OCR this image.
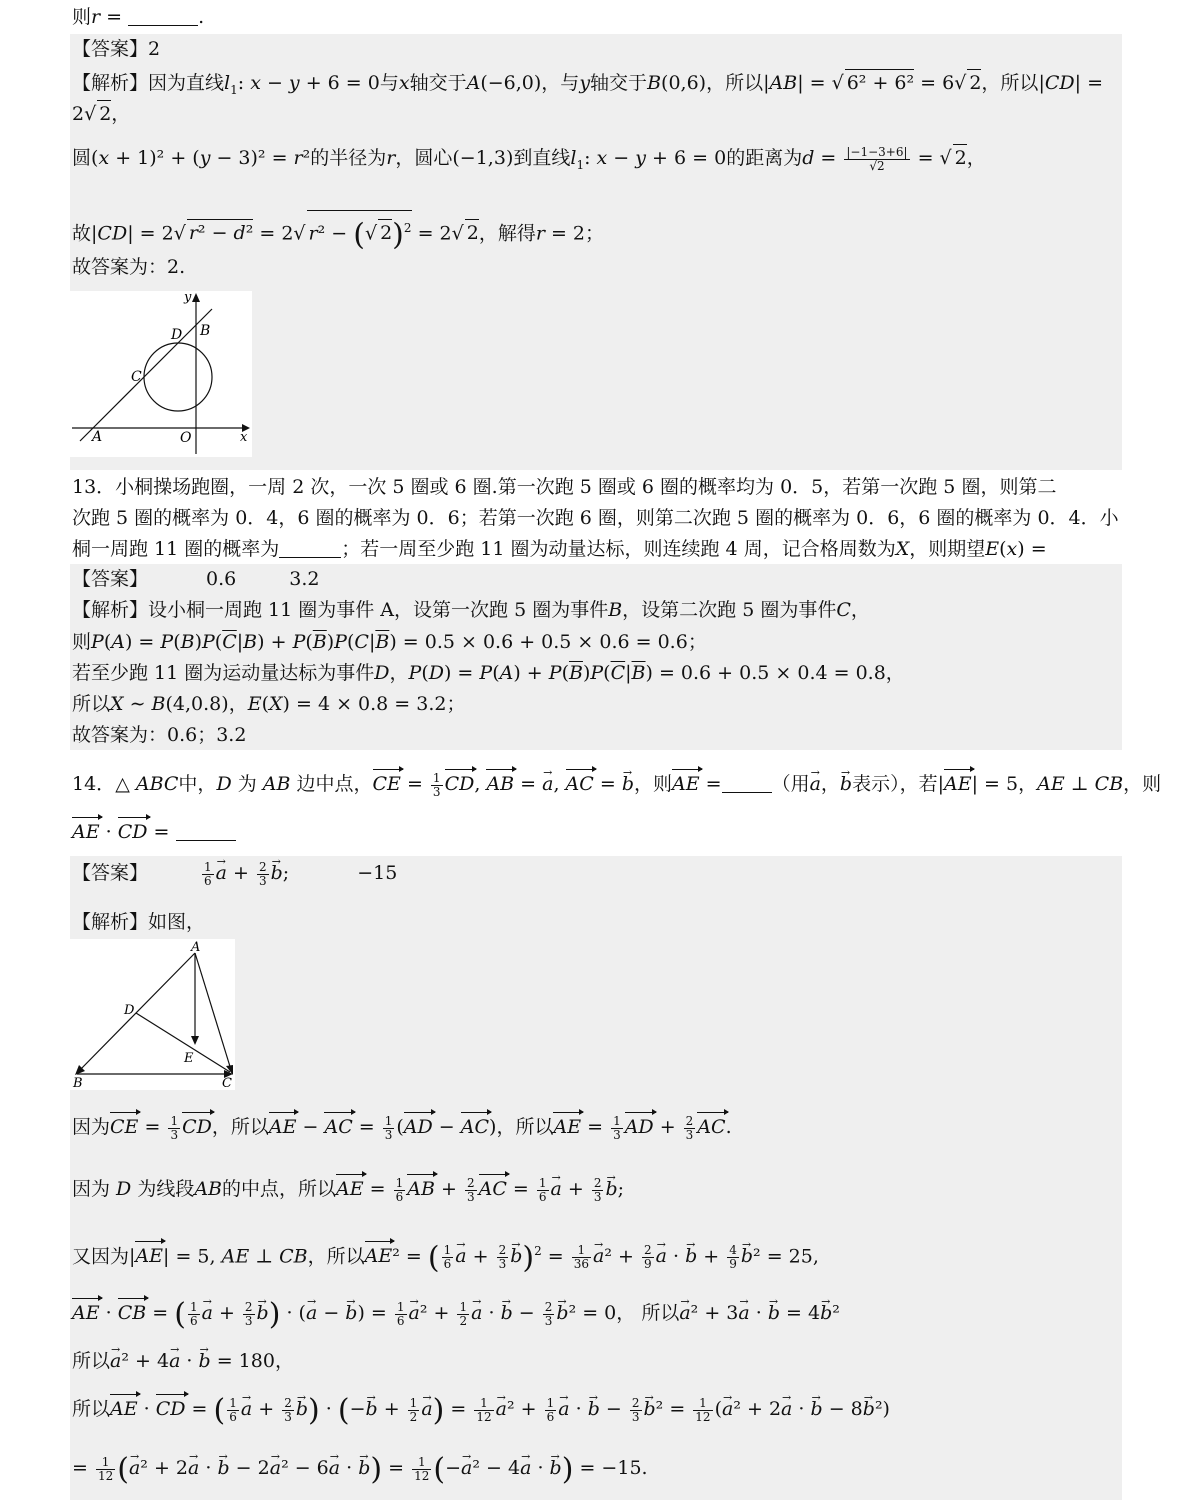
则r =	.
【答案】2
【解析】因为直线$l_1$: x − y + 6 = 0与x轴交于A(−6,0)，与y轴交于B(0,6)，所以|AB| = √ 6² + 6² = 6√ 2，所以|CD| =
2√ 2，
圆(x + 1)² + (y − 3)² = r²的半径为r，圆心(−1,3)到直线$l_1$: x − y + 6 = 0的距离为$d = \frac{|-1-3+6|}{√2}$ = √ 2，
故|CD| = 2√ r² − d² = 2√ r² − (√ 2)$^2$ = 2√ 2，解得r = 2；
故答案为：2.
y
D B
C
A	O	x
13．小桐操场跑圈，一周 2 次，一次 5 圈或 6 圈.第一次跑 5 圈或 6 圈的概率均为 0．5，若第一次跑 5 圈，则第二
次跑 5 圈的概率为 0．4，6 圈的概率为 0．6；若第一次跑 6 圈，则第二次跑 5 圈的概率为 0．6，6 圈的概率为 0．4．小
桐一周跑 11 圈的概率为	；若一周至少跑 11 圈为动量达标，则连续跑 4 周，记合格周数为X，则期望E(x) =
【答案】	0.6	3.2
【解析】设小桐一周跑 11 圈为事件 A，设第一次跑 5 圈为事件B，设第二次跑 5 圈为事件C，
则$P(A) = P(B)P(\overline{C}|B) + P(\overline{B})P(C|\overline{B}) = 0.5 \times 0.6 + 0.5 \times 0.6 = 0.6$；
若至少跑 11 圈为运动量达标为事件D，$P(D) = P(A) + P(\overline{B})P(\overline{C}|\overline{B}) = 0.6 + 0.5 \times 0.4 = 0.8$，
所以X ∼ B(4,0.8)，E(X) = 4 × 0.8 = 3.2；
故答案为：0.6；3.2
14．△ ABC中，D 为 AB 边中点，CE = $\frac{1}{3}$ CD, AB = → a, AC = → b，则AE =	（用→ a，→ b表示），若|AE| = 5，AE ⊥ CB，则
AE · CD =
【答案】	$\frac{1}{6} \to a + \frac{2}{3} \to b$;	−15
【解析】如图，
A
D
E
B	C
因为CE = $\frac{1}{3}$ CD，所以AE − AC = $\frac{1}{3} (AD - AC)$，所以AE = $\frac{1}{3}$ AD + $\frac{2}{3}$ AC.
因为 D 为线段AB的中点，所以AE = $\frac{1}{6}$ AB + $\frac{2}{3}$ AC = $\frac{1}{6} \to a + \frac{2}{3} \to b$;
又因为|AE| = 5, AE ⊥ CB，所以AE² = ( $\frac{1}{6} \to a + \frac{2}{3} \to b)^2 = \frac{1}{36} \to a^2 + \frac{2}{9} \to a$ · → $b + \frac{4}{9} \to b^2 = 25$,
AE · CB = ( $\frac{1}{6} \to a + \frac{2}{3} \to b$) · (→ a − → $b) = \frac{1}{6} \to a^2 + \frac{1}{2} \to a$ · → $b - \frac{2}{3} \to b^2 = 0$， 所以→ a² + 3→ a · → b = 4→ b²
所以→ a² + 4→ a · → b = 180，
所以AE · CD = ( $\frac{1}{6} \to a + \frac{2}{3} \to b$) · (−→ $b + \frac{1}{2} \to a) = \frac{1}{12} \to a^2 + \frac{1}{6} \to a$ · → $b - \frac{2}{3} \to b^2 = \frac{1}{12}$ (→ a² + 2→ a · → b − 8→ b²)
= $\frac{1}{12}$ (→ a² + 2→ a · → b − 2→ a² − 6→ a · → $b) = \frac{1}{12}$ (−→ a² − 4→ a · → b) = −15.
